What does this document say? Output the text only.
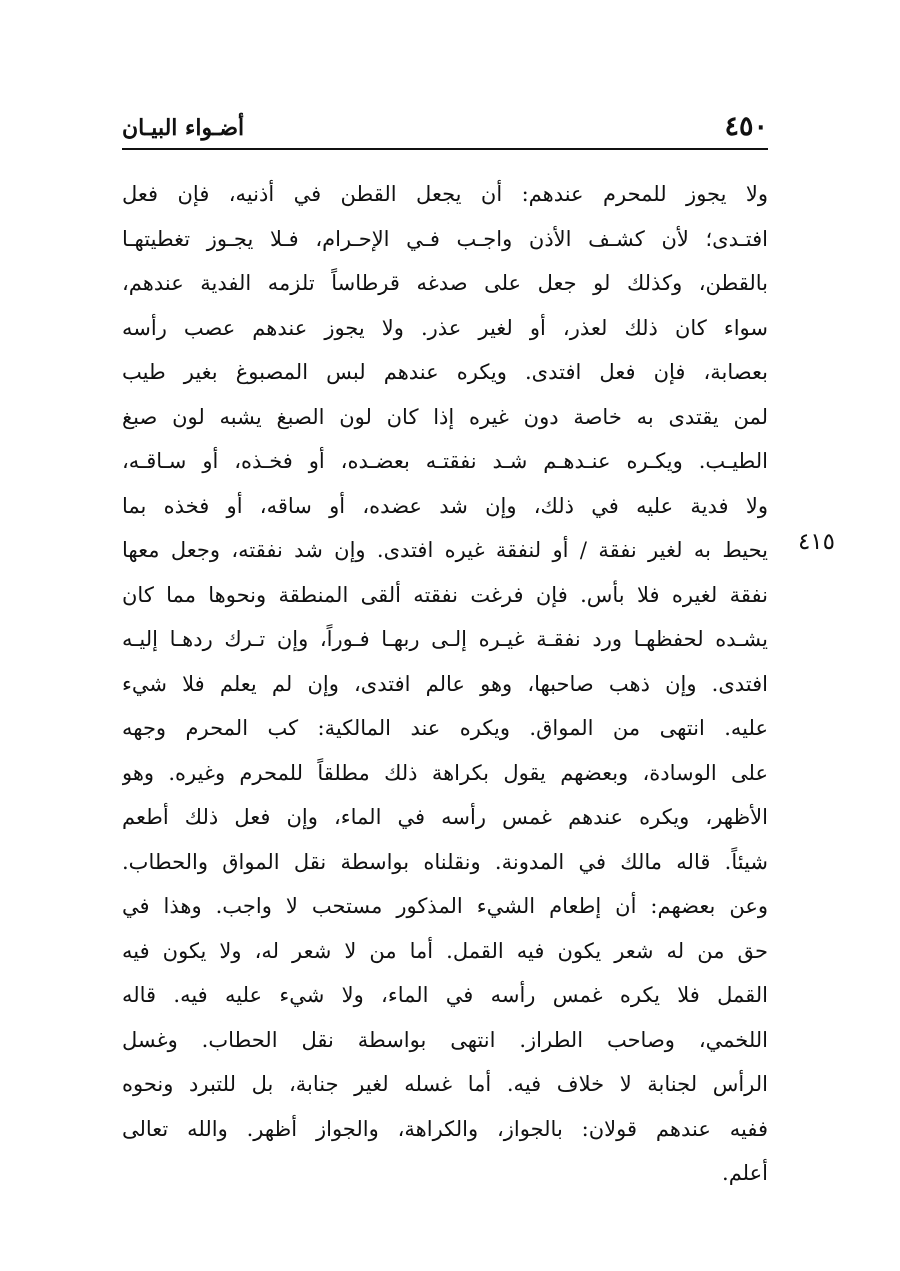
٤٥٠
أضـواء البيـان
٤١٥
ولا يجوز للمحرم عندهم: أن يجعل القطن في أذنيه، فإن فعل
افتـدى؛ لأن كشـف الأذن واجـب فـي الإحـرام، فـلا يجـوز تغطيتهـا
بالقطن، وكذلك لو جعل على صدغه قرطاساً تلزمه الفدية عندهم،
سواء كان ذلك لعذر، أو لغير عذر. ولا يجوز عندهم عصب رأسه
بعصابة، فإن فعل افتدى. ويكره عندهم لبس المصبوغ بغير طيب
لمن يقتدى به خاصة دون غيره إذا كان لون الصبغ يشبه لون صبغ
الطيـب. ويكـره عنـدهـم شـد نفقتـه بعضـده، أو فخـذه، أو سـاقـه،
ولا فدية عليه في ذلك، وإن شد عضده، أو ساقه، أو فخذه بما
يحيط به لغير نفقة / أو لنفقة غيره افتدى. وإن شد نفقته، وجعل معها
نفقة لغيره فلا بأس. فإن فرغت نفقته ألقى المنطقة ونحوها مما كان
يشـده لحفظهـا ورد نفقـة غيـره إلـى ربهـا فـوراً، وإن تـرك ردهـا إليـه
افتدى. وإن ذهب صاحبها، وهو عالم افتدى، وإن لم يعلم فلا شيء
عليه. انتهى من المواق. ويكره عند المالكية: كب المحرم وجهه
على الوسادة، وبعضهم يقول بكراهة ذلك مطلقاً للمحرم وغيره. وهو
الأظهر، ويكره عندهم غمس رأسه في الماء، وإن فعل ذلك أطعم
شيئاً. قاله مالك في المدونة. ونقلناه بواسطة نقل المواق والحطاب.
وعن بعضهم: أن إطعام الشيء المذكور مستحب لا واجب. وهذا في
حق من له شعر يكون فيه القمل. أما من لا شعر له، ولا يكون فيه
القمل فلا يكره غمس رأسه في الماء، ولا شيء عليه فيه. قاله
اللخمي، وصاحب الطراز. انتهى بواسطة نقل الحطاب. وغسل
الرأس لجنابة لا خلاف فيه. أما غسله لغير جنابة، بل للتبرد ونحوه
ففيه عندهم قولان: بالجواز، والكراهة، والجواز أظهر. والله تعالى
أعلم.
